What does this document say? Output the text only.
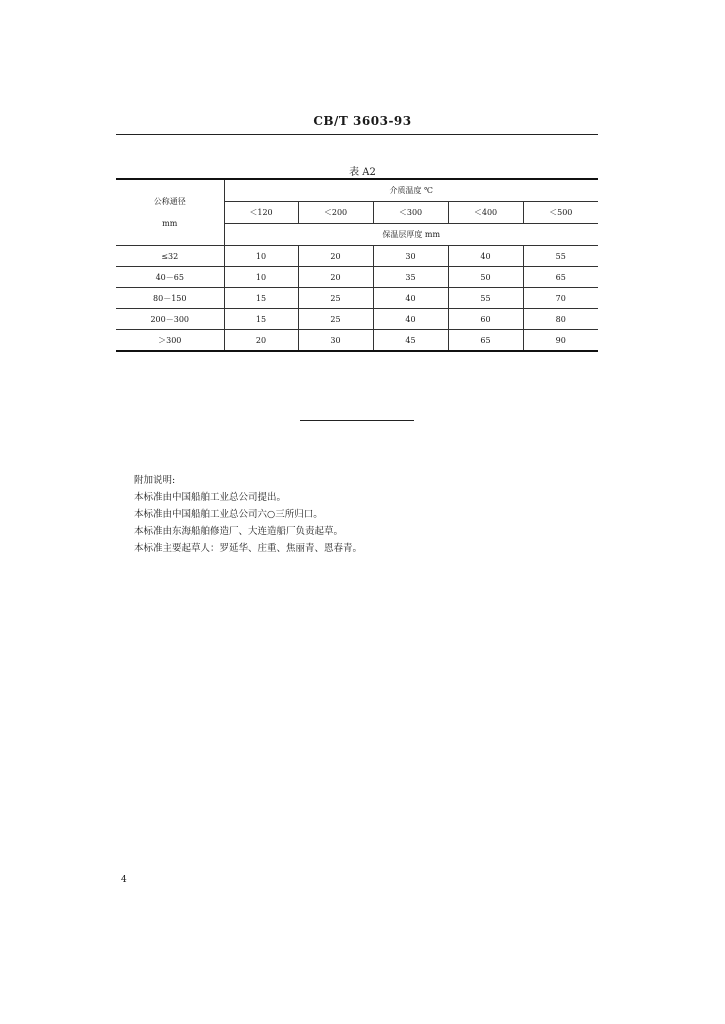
CB/T 3603-93
表 A2
公称通径
mm	介质温度 ℃				
	＜120	＜200	＜300	＜400	＜500
	保温层厚度 mm				
≤32	10	20	30	40	55
40－65	10	20	35	50	65
80－150	15	25	40	55	70
200－300	15	25	40	60	80
＞300	20	30	45	65	90
附加说明:
本标准由中国船舶工业总公司提出。
本标准由中国船舶工业总公司六○三所归口。
本标准由东海船舶修造厂、大连造船厂负责起草。
本标准主要起草人：罗延华、庄重、焦丽青、恩春青。
4
